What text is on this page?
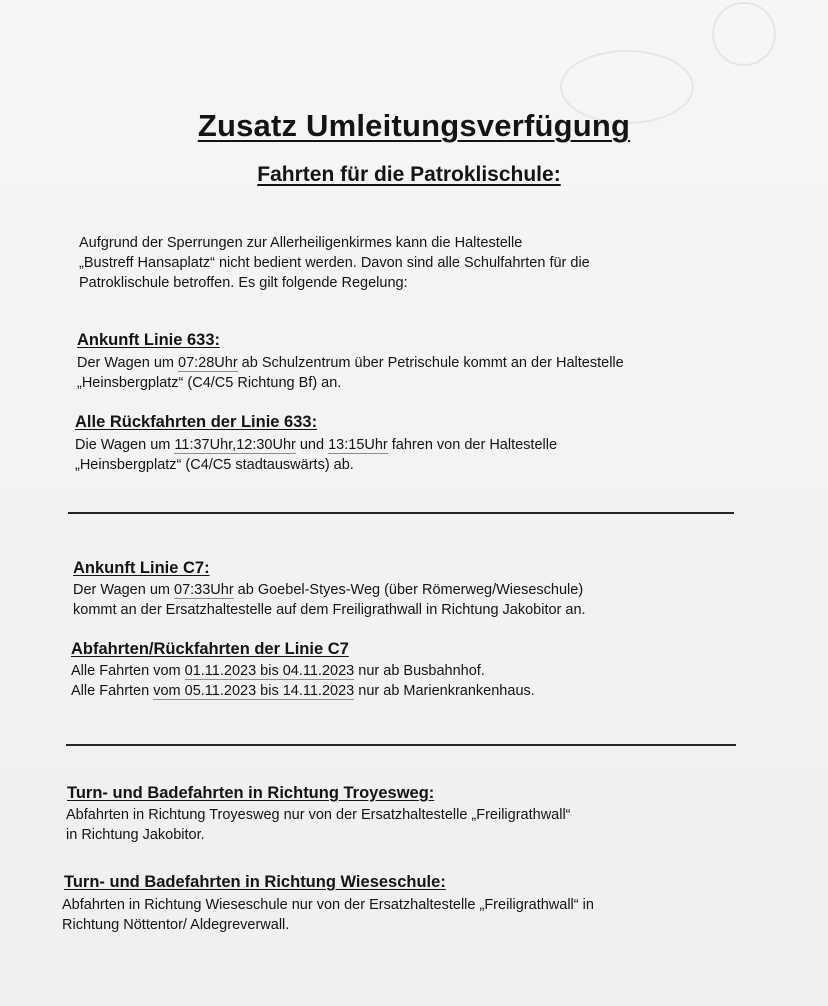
Zusatz Umleitungsverfügung
Fahrten für die Patroklischule:
Aufgrund der Sperrungen zur Allerheiligenkirmes kann die Haltestelle
„Bustreff Hansaplatz“ nicht bedient werden. Davon sind alle Schulfahrten für die
Patroklischule betroffen. Es gilt folgende Regelung:
Ankunft Linie 633:

Der Wagen um 07:28Uhr ab Schulzentrum über Petrischule kommt an der Haltestelle

„Heinsbergplatz“ (C4/C5 Richtung Bf) an.

Alle Rückfahrten der Linie 633:

Die Wagen um 11:37Uhr,12:30Uhr und 13:15Uhr fahren von der Haltestelle

„Heinsbergplatz“ (C4/C5 stadtauswärts) ab.

Ankunft Linie C7:

Der Wagen um 07:33Uhr ab Goebel-Styes-Weg (über Römerweg/Wieseschule)

kommt an der Ersatzhaltestelle auf dem Freiligrathwall in Richtung Jakobitor an.

Abfahrten/Rückfahrten der Linie C7

Alle Fahrten vom 01.11.2023 bis 04.11.2023 nur ab Busbahnhof.

Alle Fahrten vom 05.11.2023 bis 14.11.2023 nur ab Marienkrankenhaus.

Turn- und Badefahrten in Richtung Troyesweg:

Abfahrten in Richtung Troyesweg nur von der Ersatzhaltestelle „Freiligrathwall“

in Richtung Jakobitor.

Turn- und Badefahrten in Richtung Wieseschule:

Abfahrten in Richtung Wieseschule nur von der Ersatzhaltestelle „Freiligrathwall“ in

Richtung Nöttentor/ Aldegreverwall.
